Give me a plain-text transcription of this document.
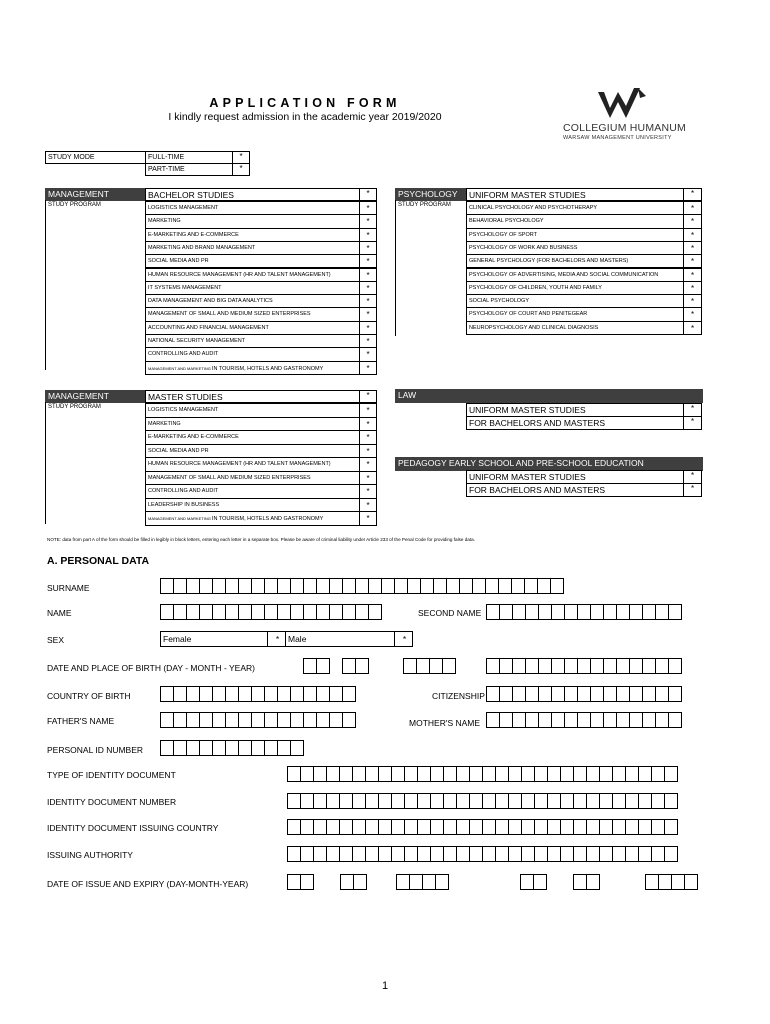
APPLICATION FORM
I kindly request admission in the academic year 2019/2020
COLLEGIUM HUMANUM
WARSAW MANAGEMENT UNIVERSITY
STUDY MODE	FULL-TIME	*
PART-TIME	*
MANAGEMENT	BACHELOR STUDIES	*
STUDY PROGRAM	LOGISTICS MANAGEMENT	*
MARKETING	*
E-MARKETING AND E-COMMERCE	*
MARKETING AND BRAND MANAGEMENT	*
SOCIAL MEDIA AND PR	*
HUMAN RESOURCE MANAGEMENT (HR AND TALENT MANAGEMENT)	*
IT SYSTEMS MANAGEMENT	*
DATA MANAGEMENT AND BIG DATA ANALYTICS	*
MANAGEMENT OF SMALL AND MEDIUM SIZED ENTERPRISES	*
ACCOUNTING AND FINANCIAL MANAGEMENT	*
NATIONAL SECURITY MANAGEMENT	*
CONTROLLING AND AUDIT	*
MANAGEMENT AND MARKETING IN TOURISM, HOTELS AND GASTRONOMY	*
PSYCHOLOGY	UNIFORM MASTER STUDIES	*
STUDY PROGRAM	CLINICAL PSYCHOLOGY AND PSYCHOTHERAPY	*
BEHAVIORAL PSYCHOLOGY	*
PSYCHOLOGY OF SPORT	*
PSYCHOLOGY OF WORK AND BUSINESS	*
GENERAL PSYCHOLOGY (FOR BACHELORS AND MASTERS)	*
PSYCHOLOGY OF ADVERTISING, MEDIA AND SOCIAL COMMUNICATION	*
PSYCHOLOGY OF CHILDREN, YOUTH AND FAMILY	*
SOCIAL PSYCHOLOGY	*
PSYCHOLOGY OF COURT AND PENITEGEAR	*
NEUROPSYCHOLOGY AND CLINICAL DIAGNOSIS	*
MANAGEMENT	MASTER STUDIES	*
STUDY PROGRAM	LOGISTICS MANAGEMENT	*
MARKETING	*
E-MARKETING AND E-COMMERCE	*
SOCIAL MEDIA AND PR	*
HUMAN RESOURCE MANAGEMENT (HR AND TALENT MANAGEMENT)	*
MANAGEMENT OF SMALL AND MEDIUM SIZED ENTERPRISES	*
CONTROLLING AND AUDIT	*
LEADERSHIP IN BUSINESS	*
MANAGEMENT AND MARKETING IN TOURISM, HOTELS AND GASTRONOMY	*
LAW
UNIFORM MASTER STUDIES	*
FOR BACHELORS AND MASTERS	*
PEDAGOGY EARLY SCHOOL AND PRE-SCHOOL EDUCATION
UNIFORM MASTER STUDIES	*
FOR BACHELORS AND MASTERS	*
NOTE: data from part A of the form should be filled in legibly in block letters, entering each letter in a separate box. Please be aware of criminal liability under Article 233 of the Penal Code for providing false data.
A. PERSONAL DATA
SURNAME
NAME	SECOND NAME
SEX	Female	*	Male	*
DATE AND PLACE OF BIRTH (DAY - MONTH - YEAR)
COUNTRY OF BIRTH	CITIZENSHIP
FATHER'S NAME	MOTHER'S NAME
PERSONAL ID NUMBER
TYPE OF IDENTITY DOCUMENT
IDENTITY DOCUMENT NUMBER
IDENTITY DOCUMENT ISSUING COUNTRY
ISSUING AUTHORITY
DATE OF ISSUE AND EXPIRY (DAY-MONTH-YEAR)
1
